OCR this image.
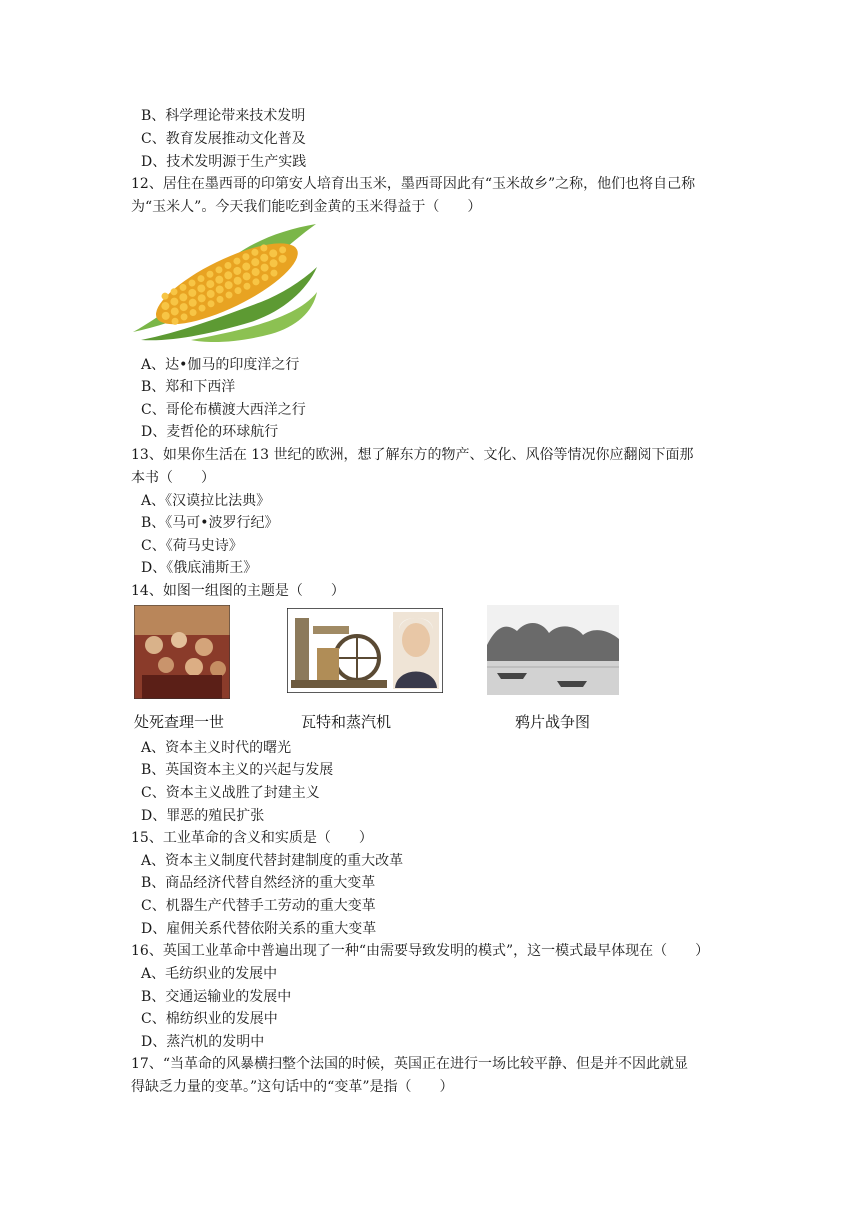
B、科学理论带来技术发明
C、教育发展推动文化普及
D、技术发明源于生产实践
12、居住在墨西哥的印第安人培育出玉米，墨西哥因此有“玉米故乡”之称，他们也将自己称
为“玉米人”。今天我们能吃到金黄的玉米得益于（　　）
A、达•伽马的印度洋之行
B、郑和下西洋
C、哥伦布横渡大西洋之行
D、麦哲伦的环球航行
13、如果你生活在 13 世纪的欧洲，想了解东方的物产、文化、风俗等情况你应翻阅下面那
本书（　　）
A、《汉谟拉比法典》
B、《马可•波罗行纪》
C、《荷马史诗》
D、《俄底浦斯王》
14、如图一组图的主题是（　　）
处死查理一世	瓦特和蒸汽机	鸦片战争图
A、资本主义时代的曙光
B、英国资本主义的兴起与发展
C、资本主义战胜了封建主义
D、罪恶的殖民扩张
15、工业革命的含义和实质是（　　）
A、资本主义制度代替封建制度的重大改革
B、商品经济代替自然经济的重大变革
C、机器生产代替手工劳动的重大变革
D、雇佣关系代替依附关系的重大变革
16、英国工业革命中普遍出现了一种“由需要导致发明的模式”，这一模式最早体现在（　　）
A、毛纺织业的发展中
B、交通运输业的发展中
C、棉纺织业的发展中
D、蒸汽机的发明中
17、“当革命的风暴横扫整个法国的时候，英国正在进行一场比较平静、但是并不因此就显
得缺乏力量的变革。”这句话中的“变革”是指（　　）
